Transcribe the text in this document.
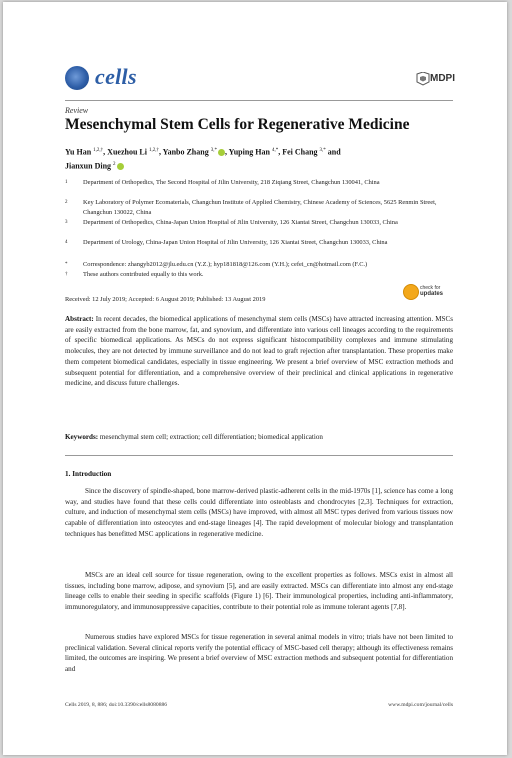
cells	MDPI
Review
Mesenchymal Stem Cells for Regenerative Medicine
Yu Han $^{1,2,\dagger}$, Xuezhou Li $^{1,2,\dagger}$, Yanbo Zhang $^{3,*}$ , Yuping Han $^{4,*}$, Fei Chang $^{3,*}$ and
Jianxun Ding $^2$
1	Department of Orthopedics, The Second Hospital of Jilin University, 218 Ziqiang Street, Changchun 130041, China
2	Key Laboratory of Polymer Ecomaterials, Changchun Institute of Applied Chemistry, Chinese Academy of Sciences, 5625 Renmin Street, Changchun 130022, China
3	Department of Orthopedics, China-Japan Union Hospital of Jilin University, 126 Xiantai Street, Changchun 130033, China
4	Department of Urology, China-Japan Union Hospital of Jilin University, 126 Xiantai Street, Changchun 130033, China
*	Correspondence: zhangyb2012@jlu.edu.cn (Y.Z.); hyp181818@126.com (Y.H.); cefei_cn@hotmail.com (F.C.)
†	These authors contributed equally to this work.
Received: 12 July 2019; Accepted: 6 August 2019; Published: 13 August 2019
check for
updates
Abstract: In recent decades, the biomedical applications of mesenchymal stem cells (MSCs) have attracted increasing attention. MSCs are easily extracted from the bone marrow, fat, and synovium, and differentiate into various cell lineages according to the requirements of specific biomedical applications. As MSCs do not express significant histocompatibility complexes and immune stimulating molecules, they are not detected by immune surveillance and do not lead to graft rejection after transplantation. These properties make them competent biomedical candidates, especially in tissue engineering. We present a brief overview of MSC extraction methods and subsequent potential for differentiation, and a comprehensive overview of their preclinical and clinical applications in regenerative medicine, and discuss future challenges.
Keywords: mesenchymal stem cell; extraction; cell differentiation; biomedical application
1. Introduction
Since the discovery of spindle-shaped, bone marrow-derived plastic-adherent cells in the mid-1970s [1], science has come a long way, and studies have found that these cells could differentiate into osteoblasts and chondrocytes [2,3]. Techniques for extraction, culture, and induction of mesenchymal stem cells (MSCs) have improved, with almost all MSC types derived from various tissues now capable of differentiation into osteocytes and end-stage lineages [4]. The rapid development of molecular biology and transplantation techniques has benefitted MSC applications in regenerative medicine.
MSCs are an ideal cell source for tissue regeneration, owing to the excellent properties as follows. MSCs exist in almost all tissues, including bone marrow, adipose, and synovium [5], and are easily extracted. MSCs can differentiate into almost any end-stage lineage cells to enable their seeding in specific scaffolds (Figure 1) [6]. Their immunological properties, including anti-inflammatory, immunoregulatory, and immunosuppressive capacities, contribute to their potential role as immune tolerant agents [7,8].
Numerous studies have explored MSCs for tissue regeneration in several animal models in vitro; trials have not been limited to preclinical validation. Several clinical reports verify the potential efficacy of MSC-based cell therapy; although its effectiveness remains limited, the outcomes are inspiring. We present a brief overview of MSC extraction methods and subsequent potential for differentiation and
Cells 2019, 8, 886; doi:10.3390/cells8080886	www.mdpi.com/journal/cells
